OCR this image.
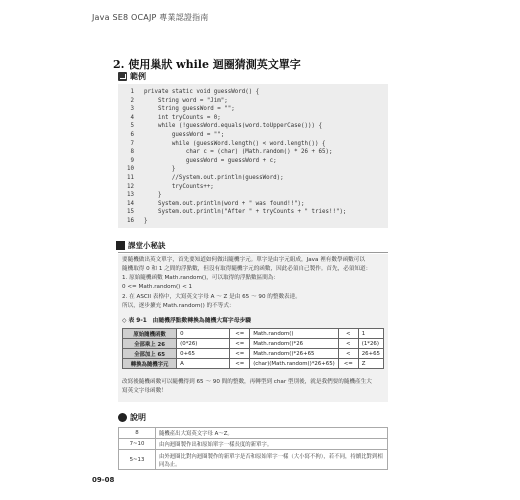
Java SE8 OCAJP 專業認證指南
2. 使用巢狀 while 迴圈猜測英文單字
範例
1 private static void guessWord() {
2 String word = "Jim";
3 String guessWord = "";
4 int tryCounts = 0;
5 while (!guessWord.equals(word.toUpperCase())) {
6 guessWord = "";
7 while (guessWord.length() < word.length()) {
8 char c = (char) (Math.random() * 26 + 65);
9 guessWord = guessWord + c;
10 }
11 //System.out.println(guessWord);
12 tryCounts++;
13 }
14 System.out.println(word + " was found!!");
15 System.out.println("After " + tryCounts + " tries!!");
16 }
課堂小秘訣
要隨機做出英文單字，首先要知道如何做出隨機字元。單字是由字元組成，Java 裡有數學函數可以
隨機取得 0 和 1 之間的浮點數，但沒有取得隨機字元的函數，因此必須自己製作。首先，必須知道：
1. 原始隨機函數 Math.random()，可以取得的浮點數區間為：
0 <= Math.random() < 1
2. 在 ASCII 表格中，大寫英文字母 A ～ Z 是由 65 ～ 90 的整數表達。
所以，逐步擴充 Math.random() 的不等式：
◇ 表 9-1　由隨機浮點數轉換為隨機大寫字母步驟
原始隨機函數	0	<=	Math.random()	<	1
全部乘上 26	(0*26)	<=	Math.random()*26	<	(1*26)
全部加上 65	0+65	<=	Math.random()*26+65	<	26+65
轉換為隨機字元	A	<=	(char)(Math.random()*26+65)	<=	Z
改寫後隨機函數可以隨機得到 65 ～ 90 間的整數，再轉型到 char 型別後，就是我們要的隨機產生大
寫英文字母函數！
說明
8	隨機產出大寫英文字母 A～Z。
7~10	由內迴圈製作出和原始單字一樣長度的新單字。
5~13	由外迴圈比對內迴圈製作的新單字是否和原始單字一樣（大小寫不拘），若不同，持續比對到相同為止。
09-08
